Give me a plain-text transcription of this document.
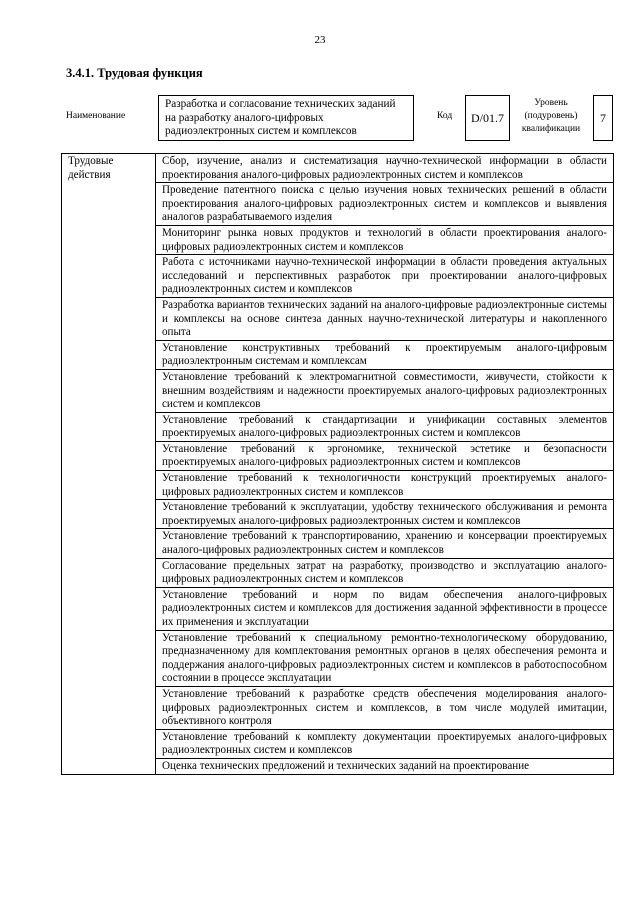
23
3.4.1. Трудовая функция
Наименование
Разработка и согласование технических заданий на разработку аналого-цифровых радиоэлектронных систем и комплексов
Код	D/01.7
Уровень
(подуровень)
квалификации
7
Трудовые действия	Сбор, изучение, анализ и систематизация научно-технической информации в области проектирования аналого-цифровых радиоэлектронных систем и комплексов
Проведение патентного поиска с целью изучения новых технических решений в области проектирования аналого-цифровых радиоэлектронных систем и комплексов и выявления аналогов разрабатываемого изделия
Мониторинг рынка новых продуктов и технологий в области проектирования аналого-цифровых радиоэлектронных систем и комплексов
Работа с источниками научно-технической информации в области проведения актуальных исследований и перспективных разработок при проектировании аналого-цифровых радиоэлектронных систем и комплексов
Разработка вариантов технических заданий на аналого-цифровые радиоэлектронные системы и комплексы на основе синтеза данных научно-технической литературы и накопленного опыта
Установление конструктивных требований к проектируемым аналого-цифровым радиоэлектронным системам и комплексам
Установление требований к электромагнитной совместимости, живучести, стойкости к внешним воздействиям и надежности проектируемых аналого-цифровых радиоэлектронных систем и комплексов
Установление требований к стандартизации и унификации составных элементов проектируемых аналого-цифровых радиоэлектронных систем и комплексов
Установление требований к эргономике, технической эстетике и безопасности проектируемых аналого-цифровых радиоэлектронных систем и комплексов
Установление требований к технологичности конструкций проектируемых аналого-цифровых радиоэлектронных систем и комплексов
Установление требований к эксплуатации, удобству технического обслуживания и ремонта проектируемых аналого-цифровых радиоэлектронных систем и комплексов
Установление требований к транспортированию, хранению и консервации проектируемых аналого-цифровых радиоэлектронных систем и комплексов
Согласование предельных затрат на разработку, производство и эксплуатацию аналого-цифровых радиоэлектронных систем и комплексов
Установление требований и норм по видам обеспечения аналого-цифровых радиоэлектронных систем и комплексов для достижения заданной эффективности в процессе их применения и эксплуатации
Установление требований к специальному ремонтно-технологическому оборудованию, предназначенному для комплектования ремонтных органов в целях обеспечения ремонта и поддержания аналого-цифровых радиоэлектронных систем и комплексов в работоспособном состоянии в процессе эксплуатации
Установление требований к разработке средств обеспечения моделирования аналого-цифровых радиоэлектронных систем и комплексов, в том числе модулей имитации, объективного контроля
Установление требований к комплекту документации проектируемых аналого-цифровых радиоэлектронных систем и комплексов
Оценка технических предложений и технических заданий на проектирование
